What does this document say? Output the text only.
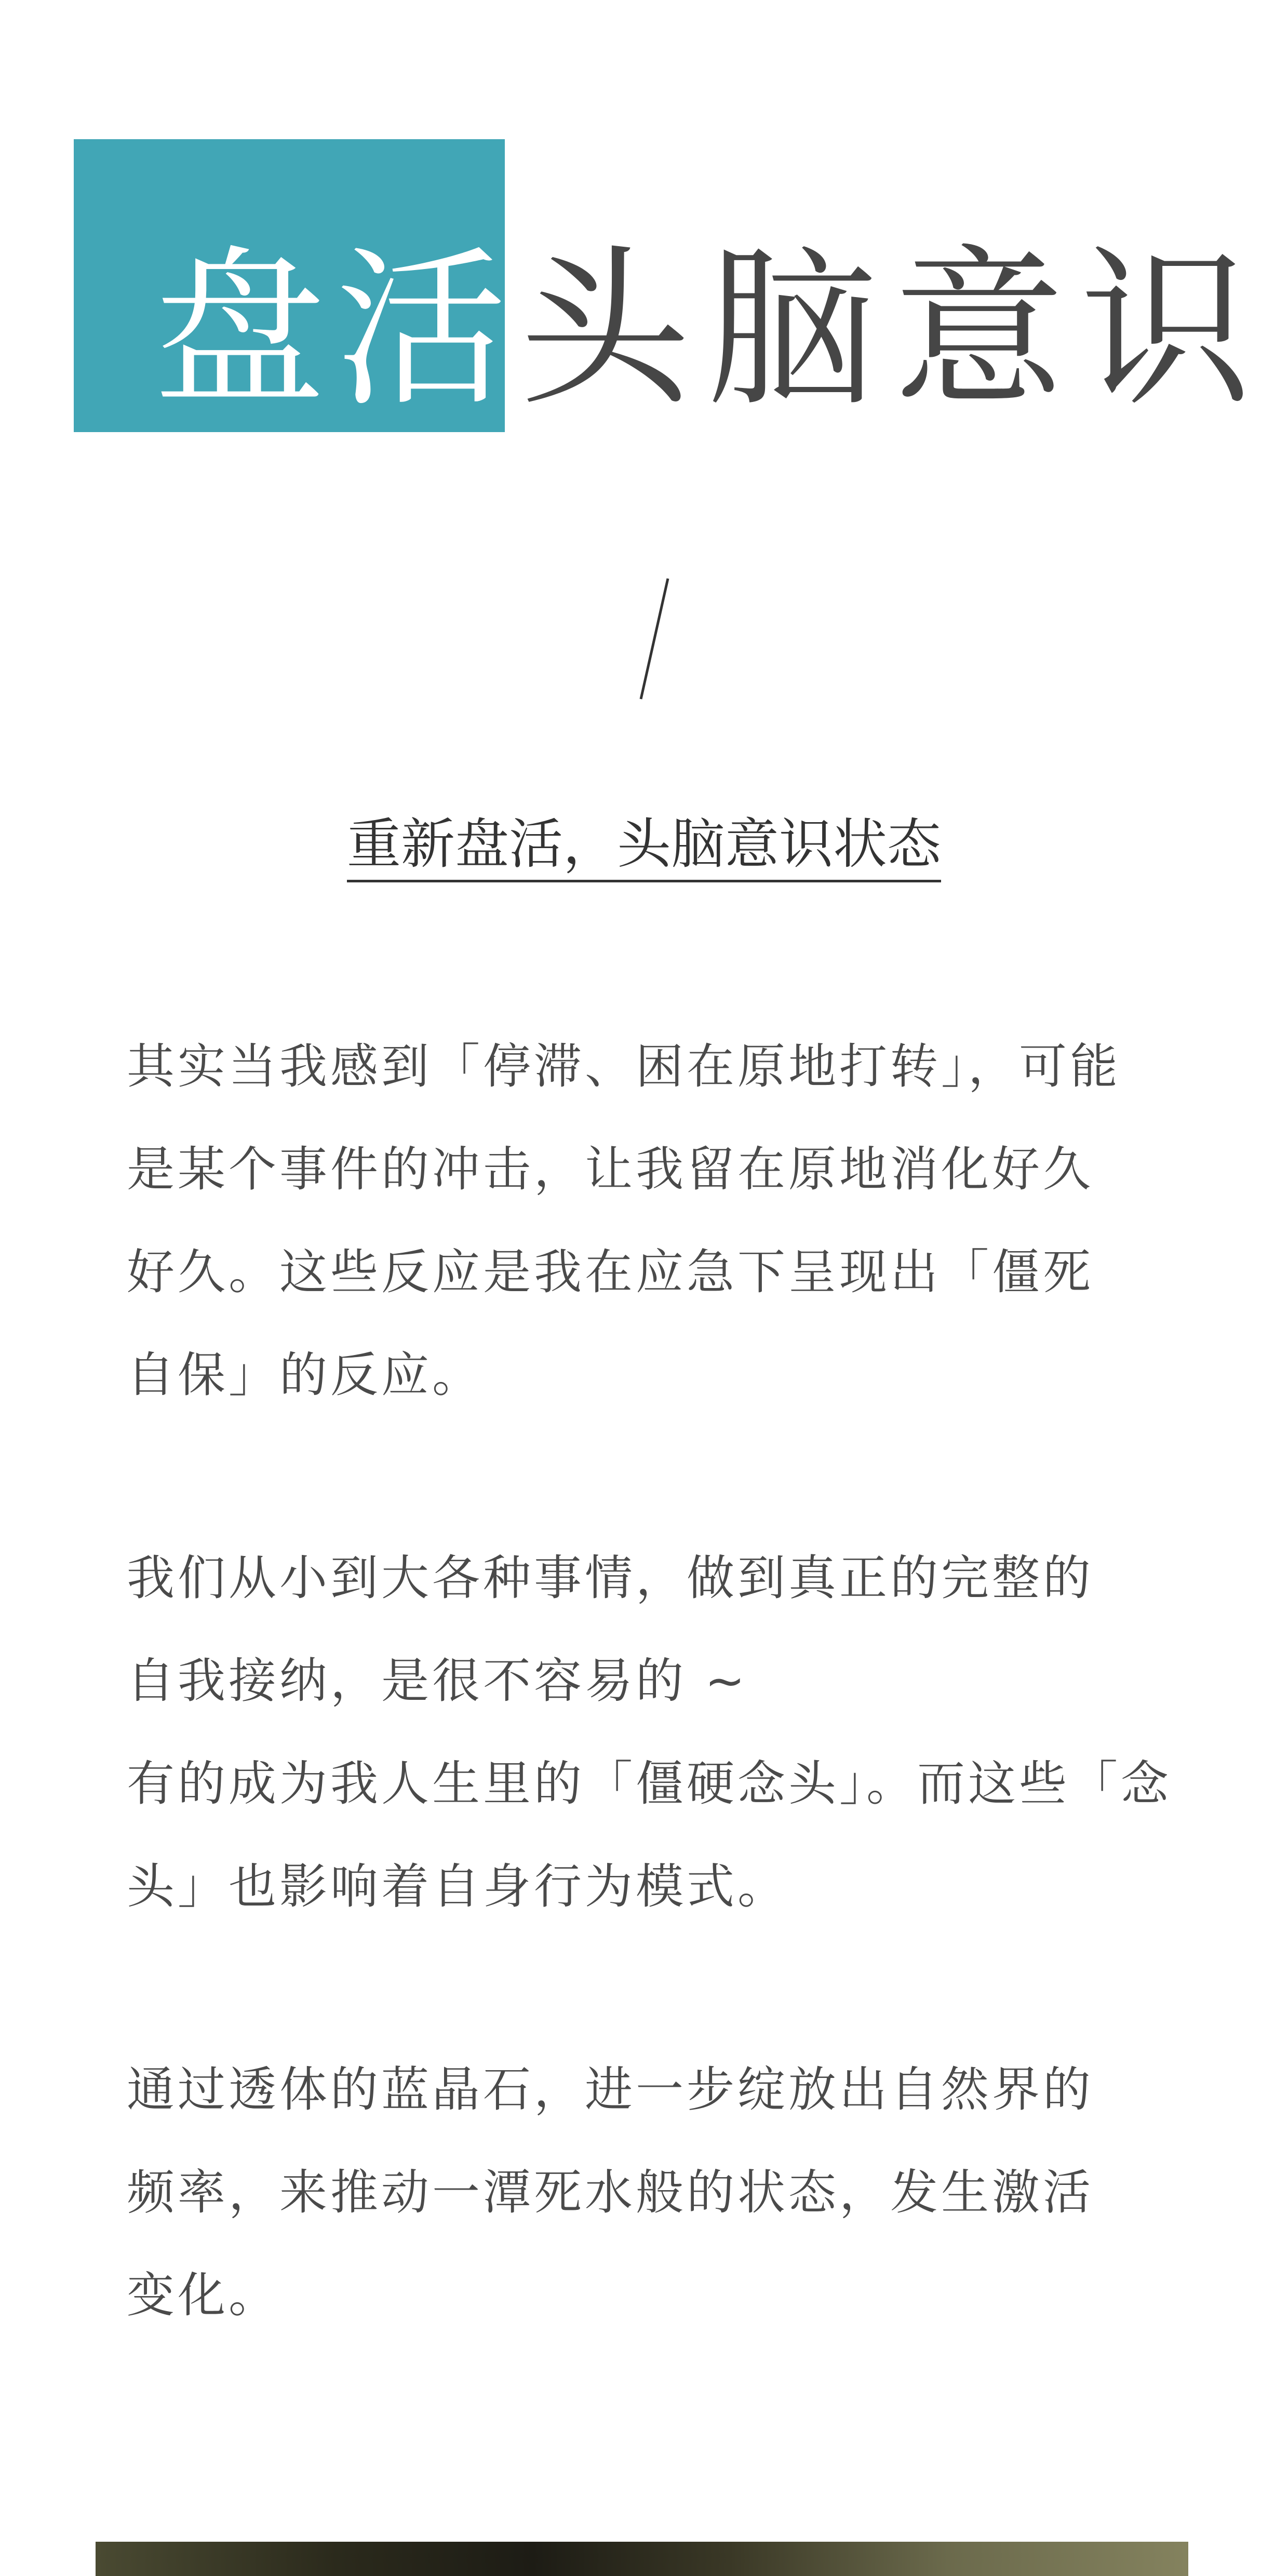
盘活 头脑意识
重新盘活，头脑意识状态

其实当我感到「停滞、困在原地打转」，可能

是某个事件的冲击，让我留在原地消化好久

好久。这些反应是我在应急下呈现出「僵死

自保」的反应。

我们从小到大各种事情，做到真正的完整的

自我接纳，是很不容易的 ~

有的成为我人生里的「僵硬念头」。而这些「念

头」也影响着自身行为模式。

通过透体的蓝晶石，进一步绽放出自然界的

频率，来推动一潭死水般的状态，发生激活

变化。
